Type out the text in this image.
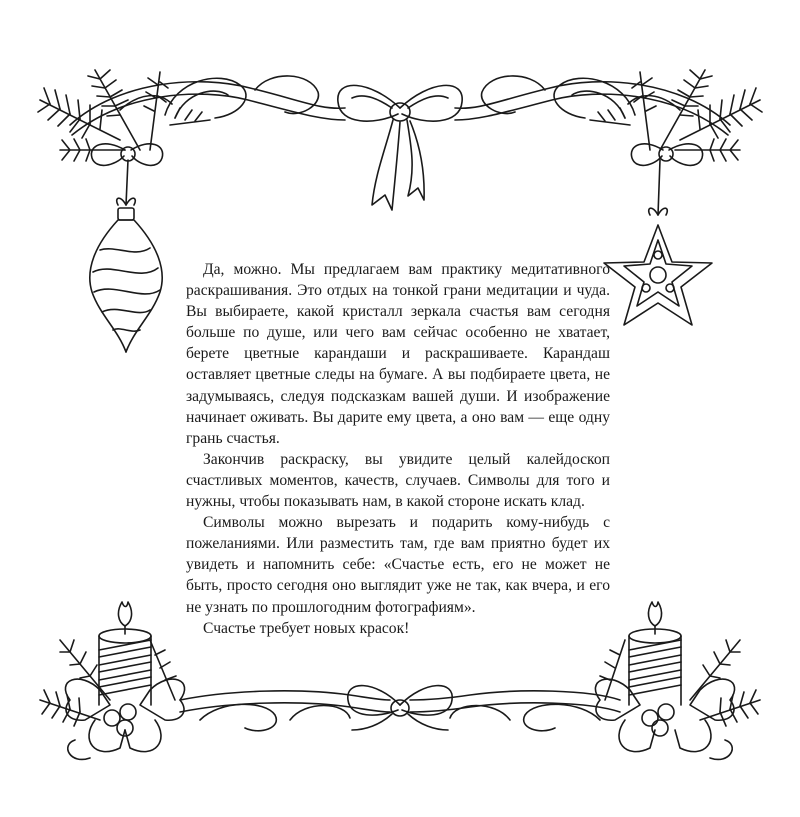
Да, можно. Мы предлагаем вам практику медитативного раскрашивания. Это отдых на тонкой грани медитации и чуда. Вы выбираете, какой кристалл зеркала счастья вам сегодня больше по душе, или чего вам сейчас особенно не хватает, берете цветные карандаши и раскрашиваете. Карандаш оставляет цветные следы на бумаге. А вы подбираете цвета, не задумываясь, следуя подсказкам вашей души. И изображение начинает оживать. Вы дарите ему цвета, а оно вам — еще одну грань счастья.

Закончив раскраску, вы увидите целый калейдоскоп счастливых моментов, качеств, случаев. Символы для того и нужны, чтобы показывать нам, в какой стороне искать клад.

Символы можно вырезать и подарить кому-нибудь с пожеланиями. Или разместить там, где вам приятно будет их увидеть и напомнить себе: «Счастье есть, его не может не быть, просто сегодня оно выглядит уже не так, как вчера, и его не узнать по прошлогодним фотографиям».

Счастье требует новых красок!
